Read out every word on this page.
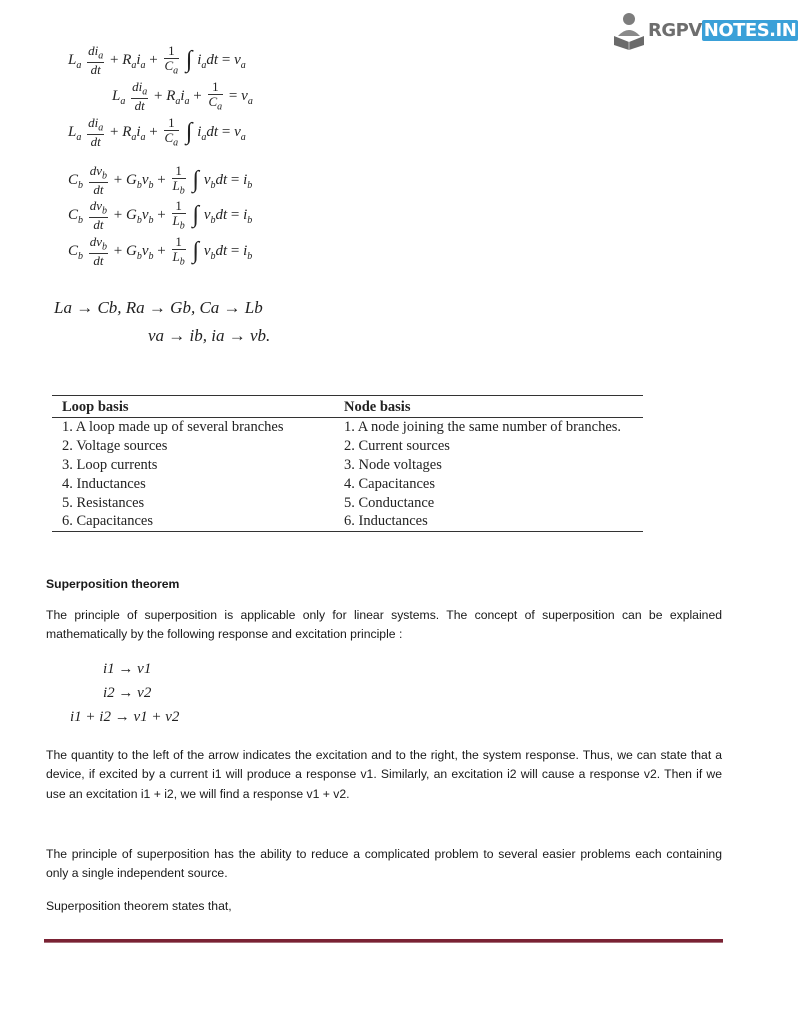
RGPV NOTES.IN
$L_a \frac{di_a}{dt} + R_ai_a + \frac{1}{C_a}$ ∫ $i_adt = v_a$
$L_a \frac{di_a}{dt} + R_ai_a + \frac{1}{C_a} = v_a$
$L_a \frac{di_a}{dt} + R_ai_a + \frac{1}{C_a}$ ∫ $i_adt = v_a$
$C_b \frac{dv_b}{dt} + G_bv_b + \frac{1}{L_b}$ ∫ $v_bdt = i_b$
$C_b \frac{dv_b}{dt} + G_bv_b + \frac{1}{L_b}$ ∫ $v_bdt = i_b$
$C_b \frac{dv_b}{dt} + G_bv_b + \frac{1}{L_b}$ ∫ $v_bdt = i_b$
La → Cb, Ra → Gb, Ca → Lb
va → ib, ia → vb.
Loop basis	Node basis
1. A loop made up of several branches	1. A node joining the same number of branches.
2. Voltage sources	2. Current sources
3. Loop currents	3. Node voltages
4. Inductances	4. Capacitances
5. Resistances	5. Conductance
6. Capacitances	6. Inductances
Superposition theorem
The principle of superposition is applicable only for linear systems. The concept of superposition can be explained mathematically by the following response and excitation principle :
i1 → v1
i2 → v2
i1 + i2 → v1 + v2
The quantity to the left of the arrow indicates the excitation and to the right, the system response. Thus, we can state that a device, if excited by a current i1 will produce a response v1. Similarly, an excitation i2 will cause a response v2. Then if we use an excitation i1 + i2, we will find a response v1 + v2.
The principle of superposition has the ability to reduce a complicated problem to several easier problems each containing only a single independent source.
Superposition theorem states that,
